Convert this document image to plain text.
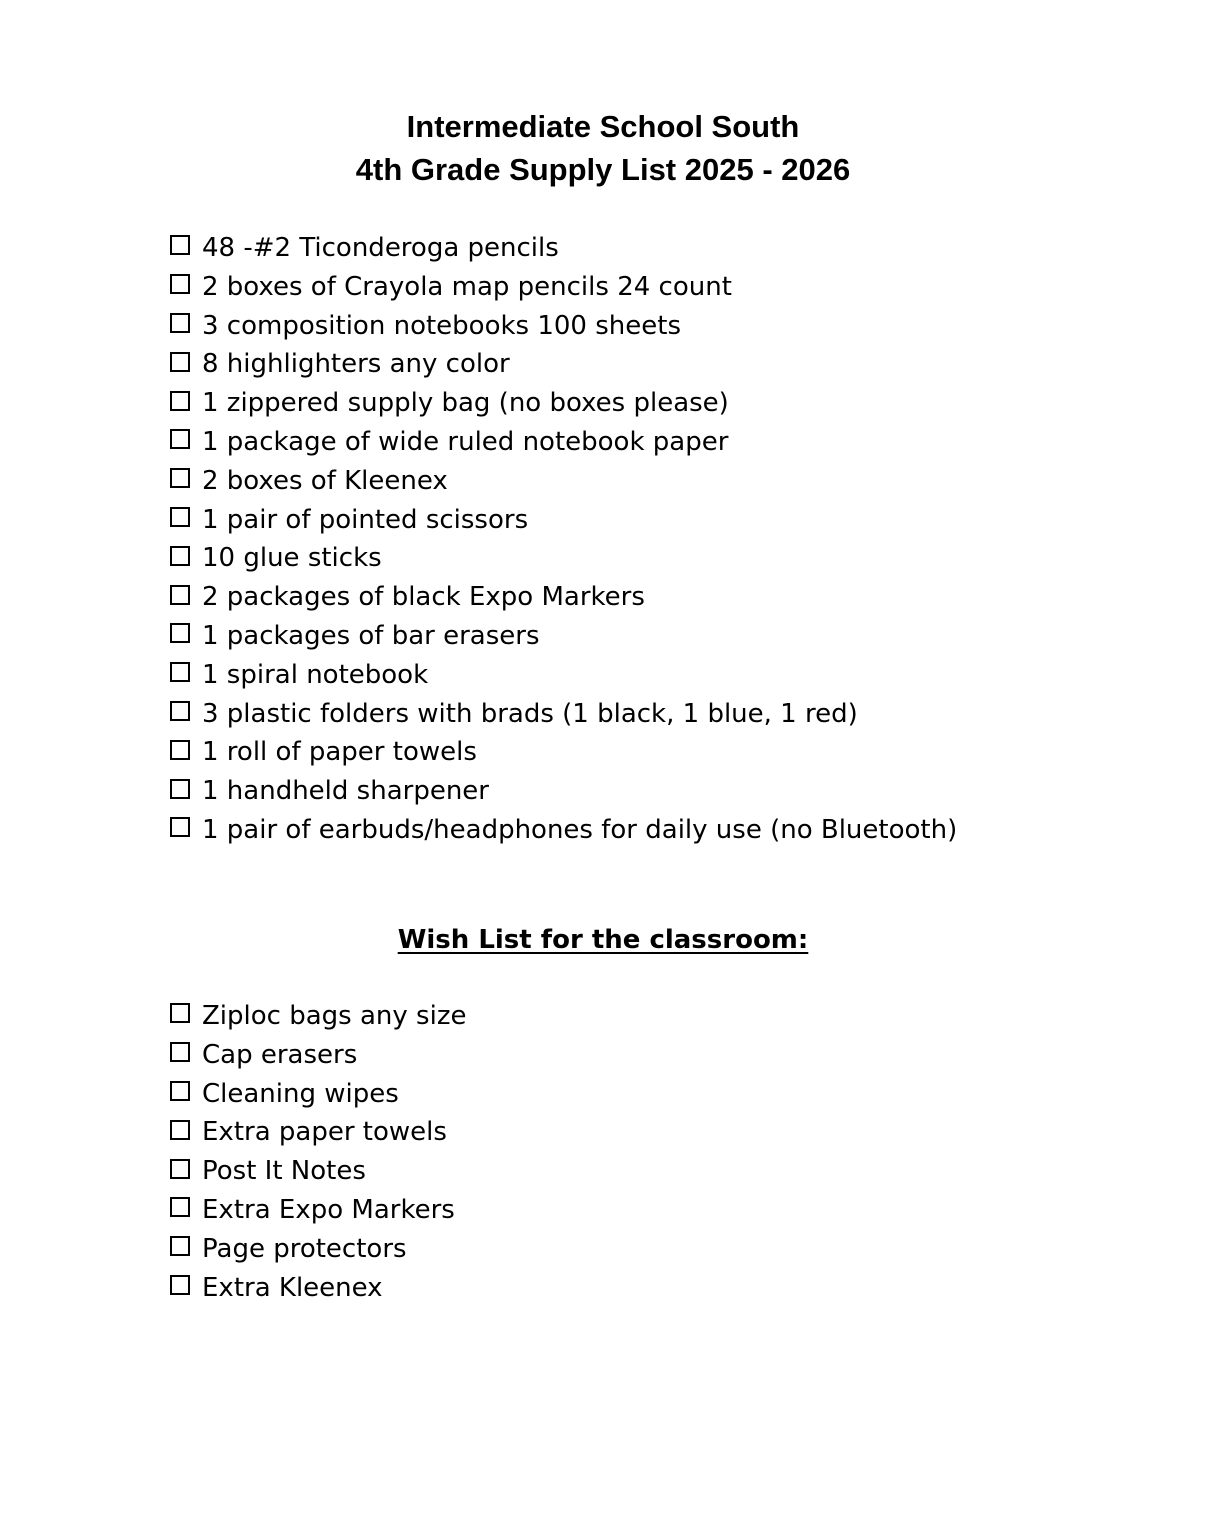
Intermediate School South
4th Grade Supply List 2025 - 2026
48 -#2 Ticonderoga pencils
2 boxes of Crayola map pencils 24 count
3 composition notebooks 100 sheets
8 highlighters any color
1 zippered supply bag (no boxes please)
1 package of wide ruled notebook paper
2 boxes of Kleenex
1 pair of pointed scissors
10 glue sticks
2 packages of black Expo Markers
1 packages of bar erasers
1 spiral notebook
3 plastic folders with brads (1 black, 1 blue, 1 red)
1 roll of paper towels
1 handheld sharpener
1 pair of earbuds/headphones for daily use (no Bluetooth)
Wish List for the classroom:
Ziploc bags any size
Cap erasers
Cleaning wipes
Extra paper towels
Post It Notes
Extra Expo Markers
Page protectors
Extra Kleenex
